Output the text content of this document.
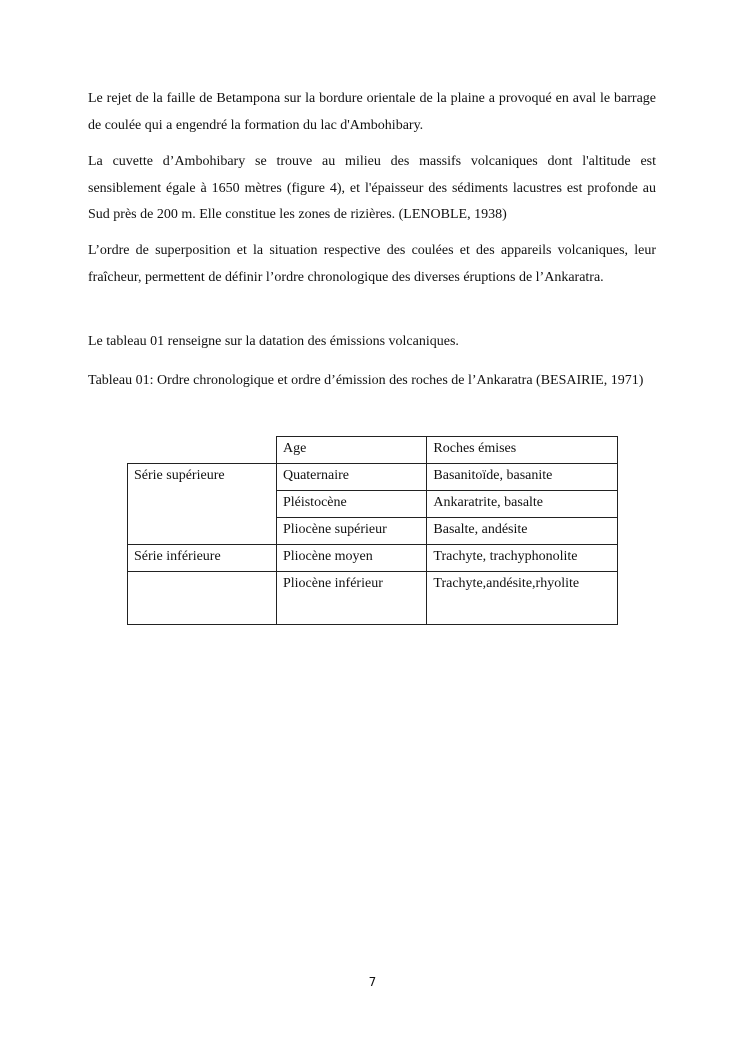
Le rejet de la faille de Betampona sur la bordure orientale de la plaine a provoqué en aval le barrage de coulée qui a engendré la formation du lac d'Ambohibary.

La cuvette d’Ambohibary se trouve au milieu des massifs volcaniques dont l'altitude est sensiblement égale à 1650 mètres (figure 4), et l'épaisseur des sédiments lacustres est profonde au Sud près de 200 m. Elle constitue les zones de rizières. (LENOBLE, 1938)

L’ordre de superposition et la situation respective des coulées et des appareils volcaniques, leur fraîcheur, permettent de définir l’ordre chronologique des diverses éruptions de l’Ankaratra.

Le tableau 01 renseigne sur la datation des émissions volcaniques.

Tableau 01: Ordre chronologique et ordre d’émission des roches de l’Ankaratra (BESAIRIE, 1971)

	Age	Roches émises
Série supérieure	Quaternaire	Basanitoïde, basanite
	Pléistocène	Ankaratrite, basalte
	Pliocène supérieur	Basalte, andésite
Série inférieure	Pliocène moyen	Trachyte, trachyphonolite
	Pliocène inférieur	Trachyte,andésite,rhyolite
7
